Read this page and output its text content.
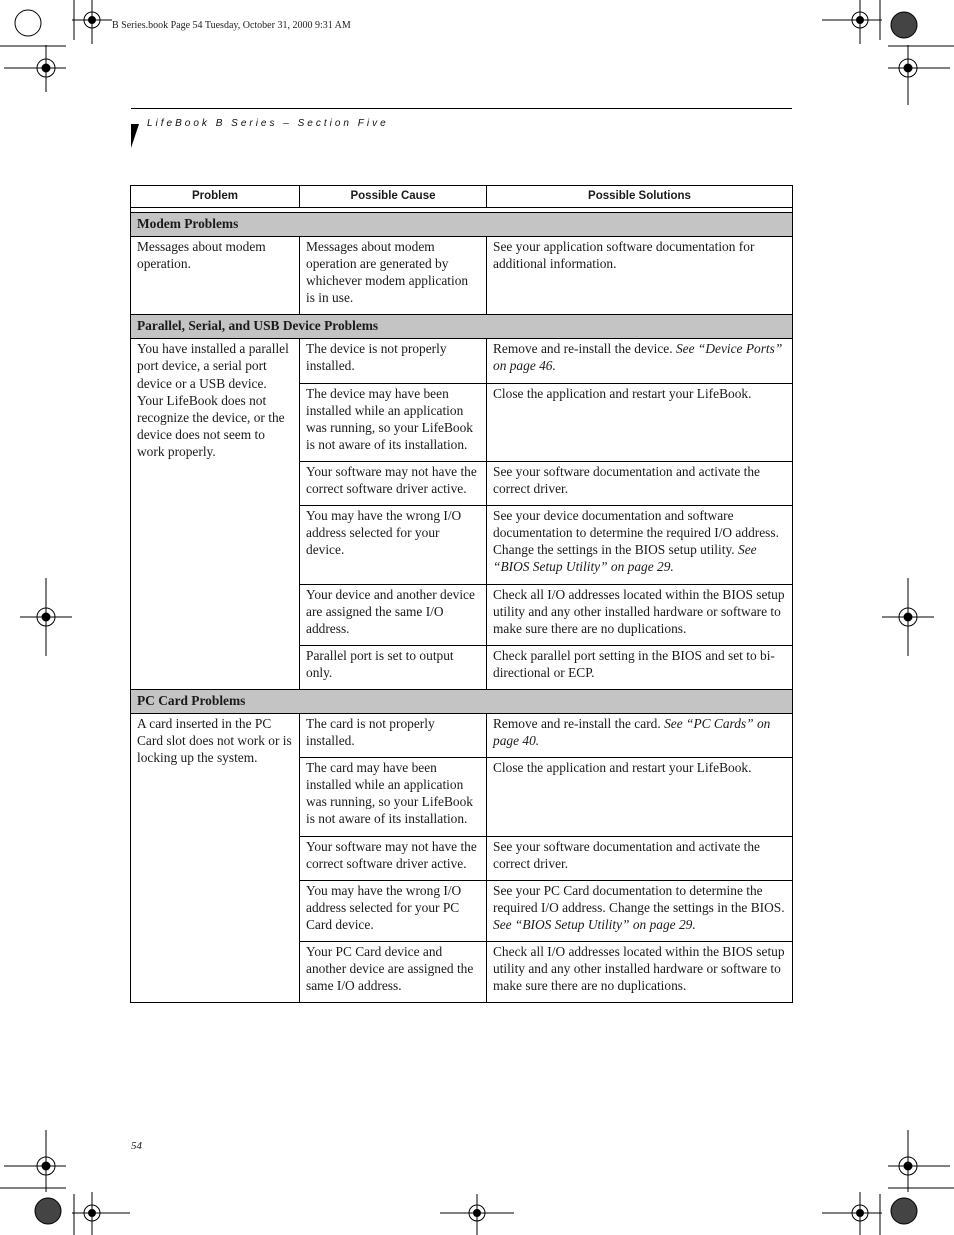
B Series.book Page 54 Tuesday, October 31, 2000 9:31 AM
LifeBook B Series – Section Five
Problem	Possible Cause	Possible Solutions

Modem Problems		
Messages about modem operation.	Messages about modem operation are generated by whichever modem application is in use.	See your application software documentation for additional information.
Parallel, Serial, and USB Device Problems		
You have installed a parallel port device, a serial port device or a USB device. Your LifeBook does not recognize the device, or the device does not seem to work properly.	The device is not properly installed.	Remove and re-install the device. See “Device Ports” on page 46.
	The device may have been installed while an application was running, so your LifeBook is not aware of its installation.	Close the application and restart your LifeBook.
	Your software may not have the correct software driver active.	See your software documentation and activate the correct driver.
	You may have the wrong I/O address selected for your device.	See your device documentation and software documentation to determine the required I/O address. Change the settings in the BIOS setup utility. See “BIOS Setup Utility” on page 29.
	Your device and another device are assigned the same I/O address.	Check all I/O addresses located within the BIOS setup utility and any other installed hardware or software to make sure there are no duplications.
	Parallel port is set to output only.	Check parallel port setting in the BIOS and set to bi-directional or ECP.
PC Card Problems		
A card inserted in the PC Card slot does not work or is locking up the system.	The card is not properly installed.	Remove and re-install the card. See “PC Cards” on page 40.
	The card may have been installed while an application was running, so your LifeBook is not aware of its installation.	Close the application and restart your LifeBook.
	Your software may not have the correct software driver active.	See your software documentation and activate the correct driver.
	You may have the wrong I/O address selected for your PC Card device.	See your PC Card documentation to determine the required I/O address. Change the settings in the BIOS. See “BIOS Setup Utility” on page 29.
	Your PC Card device and another device are assigned the same I/O address.	Check all I/O addresses located within the BIOS setup utility and any other installed hardware or software to make sure there are no duplications.
54
